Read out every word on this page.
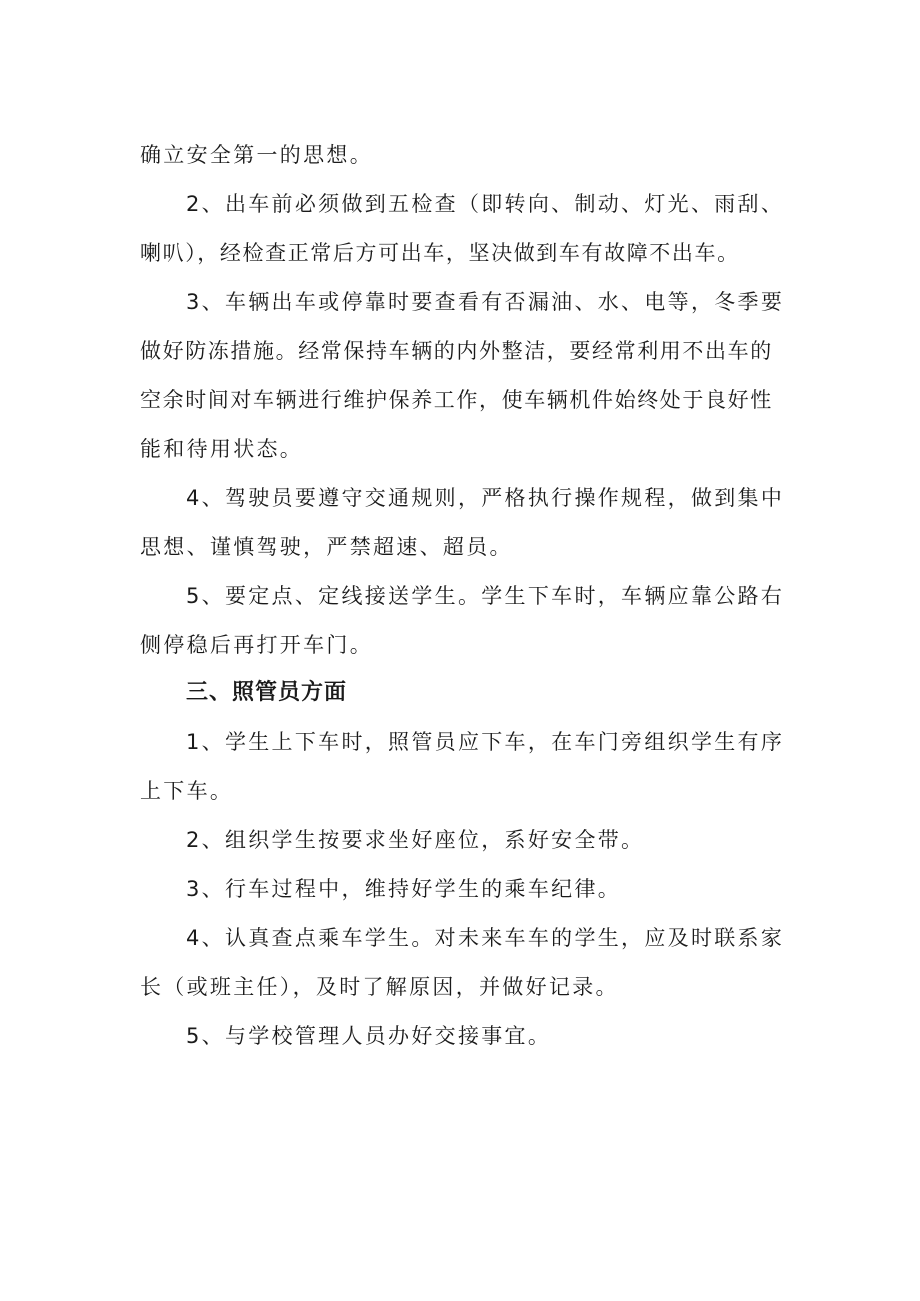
确立安全第一的思想。
2、出车前必须做到五检查（即转向、制动、灯光、雨刮、
喇叭），经检查正常后方可出车，坚决做到车有故障不出车。
3、车辆出车或停靠时要查看有否漏油、水、电等，冬季要
做好防冻措施。经常保持车辆的内外整洁，要经常利用不出车的
空余时间对车辆进行维护保养工作，使车辆机件始终处于良好性
能和待用状态。
4、驾驶员要遵守交通规则，严格执行操作规程，做到集中
思想、谨慎驾驶，严禁超速、超员。
5、要定点、定线接送学生。学生下车时，车辆应靠公路右
侧停稳后再打开车门。
三、照管员方面
1、学生上下车时，照管员应下车，在车门旁组织学生有序
上下车。
2、组织学生按要求坐好座位，系好安全带。
3、行车过程中，维持好学生的乘车纪律。
4、认真查点乘车学生。对未来车车的学生，应及时联系家
长（或班主任），及时了解原因，并做好记录。
5、与学校管理人员办好交接事宜。
